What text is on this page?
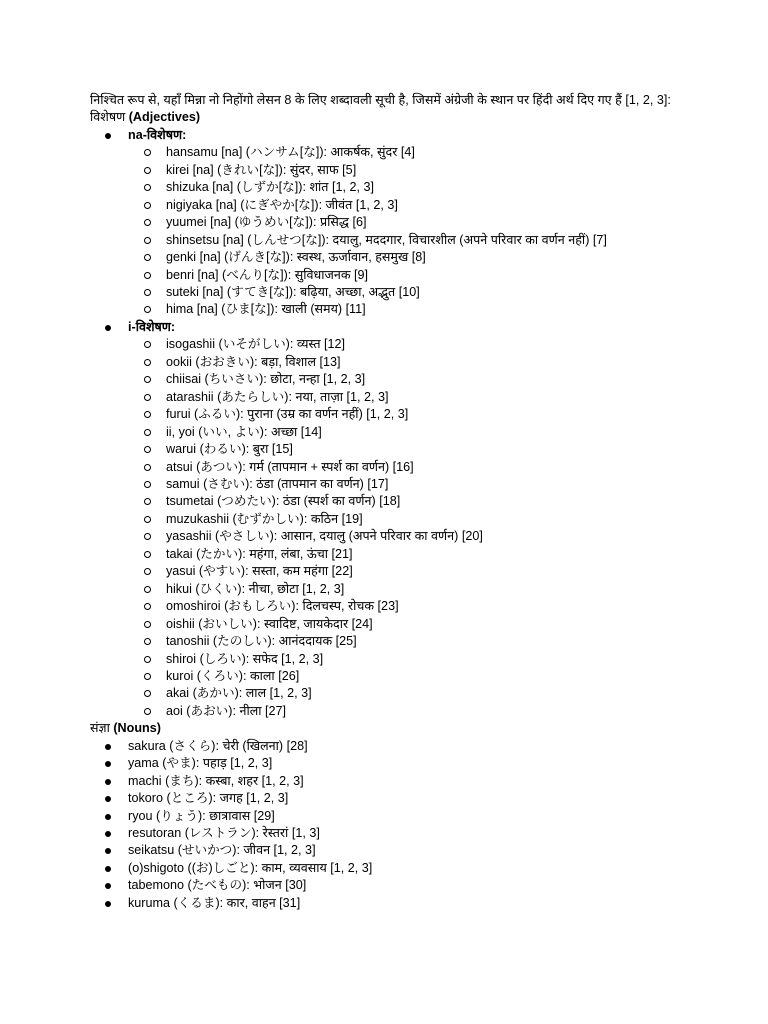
निश्चित रूप से, यहाँ मिन्ना नो निहोंगो लेसन 8 के लिए शब्दावली सूची है, जिसमें अंग्रेजी के स्थान पर हिंदी अर्थ दिए गए हैं [1, 2, 3]:

विशेषण (Adjectives)
na-विशेषण:
hansamu [na] (ハンサム[な]): आकर्षक, सुंदर [4]
kirei [na] (きれい[な]): सुंदर, साफ [5]
shizuka [na] (しずか[な]): शांत [1, 2, 3]
nigiyaka [na] (にぎやか[な]): जीवंत [1, 2, 3]
yuumei [na] (ゆうめい[な]): प्रसिद्ध [6]
shinsetsu [na] (しんせつ[な]): दयालु, मददगार, विचारशील (अपने परिवार का वर्णन नहीं) [7]
genki [na] (げんき[な]): स्वस्थ, ऊर्जावान, हसमुख [8]
benri [na] (べんり[な]): सुविधाजनक [9]
suteki [na] (すてき[な]): बढ़िया, अच्छा, अद्भुत [10]
hima [na] (ひま[な]): खाली (समय) [11]
i-विशेषण:
isogashii (いそがしい): व्यस्त [12]
ookii (おおきい): बड़ा, विशाल [13]
chiisai (ちいさい): छोटा, नन्हा [1, 2, 3]
atarashii (あたらしい): नया, ताज़ा [1, 2, 3]
furui (ふるい): पुराना (उम्र का वर्णन नहीं) [1, 2, 3]
ii, yoi (いい, よい): अच्छा [14]
warui (わるい): बुरा [15]
atsui (あつい): गर्म (तापमान + स्पर्श का वर्णन) [16]
samui (さむい): ठंडा (तापमान का वर्णन) [17]
tsumetai (つめたい): ठंडा (स्पर्श का वर्णन) [18]
muzukashii (むずかしい): कठिन [19]
yasashii (やさしい): आसान, दयालु (अपने परिवार का वर्णन) [20]
takai (たかい): महंगा, लंबा, ऊंचा [21]
yasui (やすい): सस्ता, कम महंगा [22]
hikui (ひくい): नीचा, छोटा [1, 2, 3]
omoshiroi (おもしろい): दिलचस्प, रोचक [23]
oishii (おいしい): स्वादिष्ट, जायकेदार [24]
tanoshii (たのしい): आनंददायक [25]
shiroi (しろい): सफेद [1, 2, 3]
kuroi (くろい): काला [26]
akai (あかい): लाल [1, 2, 3]
aoi (あおい): नीला [27]
संज्ञा (Nouns)
sakura (さくら): चेरी (खिलना) [28]
yama (やま): पहाड़ [1, 2, 3]
machi (まち): कस्बा, शहर [1, 2, 3]
tokoro (ところ): जगह [1, 2, 3]
ryou (りょう): छात्रावास [29]
resutoran (レストラン): रेस्तरां [1, 3]
seikatsu (せいかつ): जीवन [1, 2, 3]
(o)shigoto ((お)しごと): काम, व्यवसाय [1, 2, 3]
tabemono (たべもの): भोजन [30]
kuruma (くるま): कार, वाहन [31]
